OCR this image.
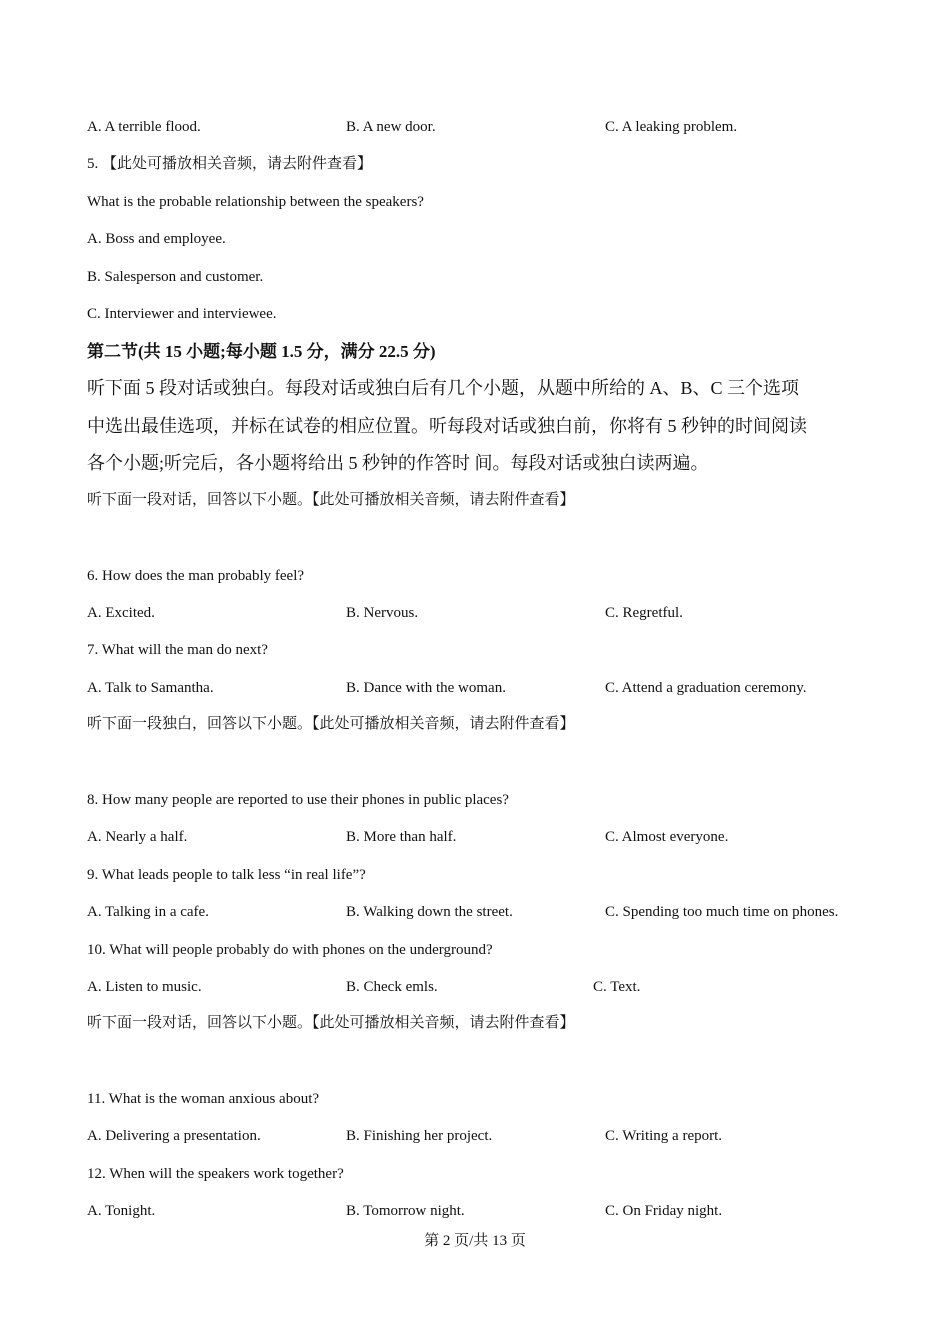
A. A terrible flood.	B. A new door.	C. A leaking problem.
5. 【此处可播放相关音频，请去附件查看】
What is the probable relationship between the speakers?
A. Boss and employee.
B. Salesperson and customer.
C. Interviewer and interviewee.
第二节(共 15 小题;每小题 1.5 分，满分 22.5 分)
听下面 5 段对话或独白。每段对话或独白后有几个小题，从题中所给的 A、B、C 三个选项
中选出最佳选项，并标在试卷的相应位置。听每段对话或独白前，你将有 5 秒钟的时间阅读
各个小题;听完后，各小题将给出 5 秒钟的作答时 间。每段对话或独白读两遍。
听下面一段对话，回答以下小题。【此处可播放相关音频，请去附件查看】
6. How does the man probably feel?
A. Excited.	B. Nervous.	C. Regretful.
7. What will the man do next?
A. Talk to Samantha.	B. Dance with the woman.	C. Attend a graduation ceremony.
听下面一段独白，回答以下小题。【此处可播放相关音频，请去附件查看】
8. How many people are reported to use their phones in public places?
A. Nearly a half.	B. More than half.	C. Almost everyone.
9. What leads people to talk less “in real life”?
A. Talking in a cafe.	B. Walking down the street.	C. Spending too much time on phones.
10. What will people probably do with phones on the underground?
A. Listen to music.	B. Check emls.	C. Text.
听下面一段对话，回答以下小题。【此处可播放相关音频，请去附件查看】
11. What is the woman anxious about?
A. Delivering a presentation.	B. Finishing her project.	C. Writing a report.
12. When will the speakers work together?
A. Tonight.	B. Tomorrow night.	C. On Friday night.
第 2 页/共 13 页
